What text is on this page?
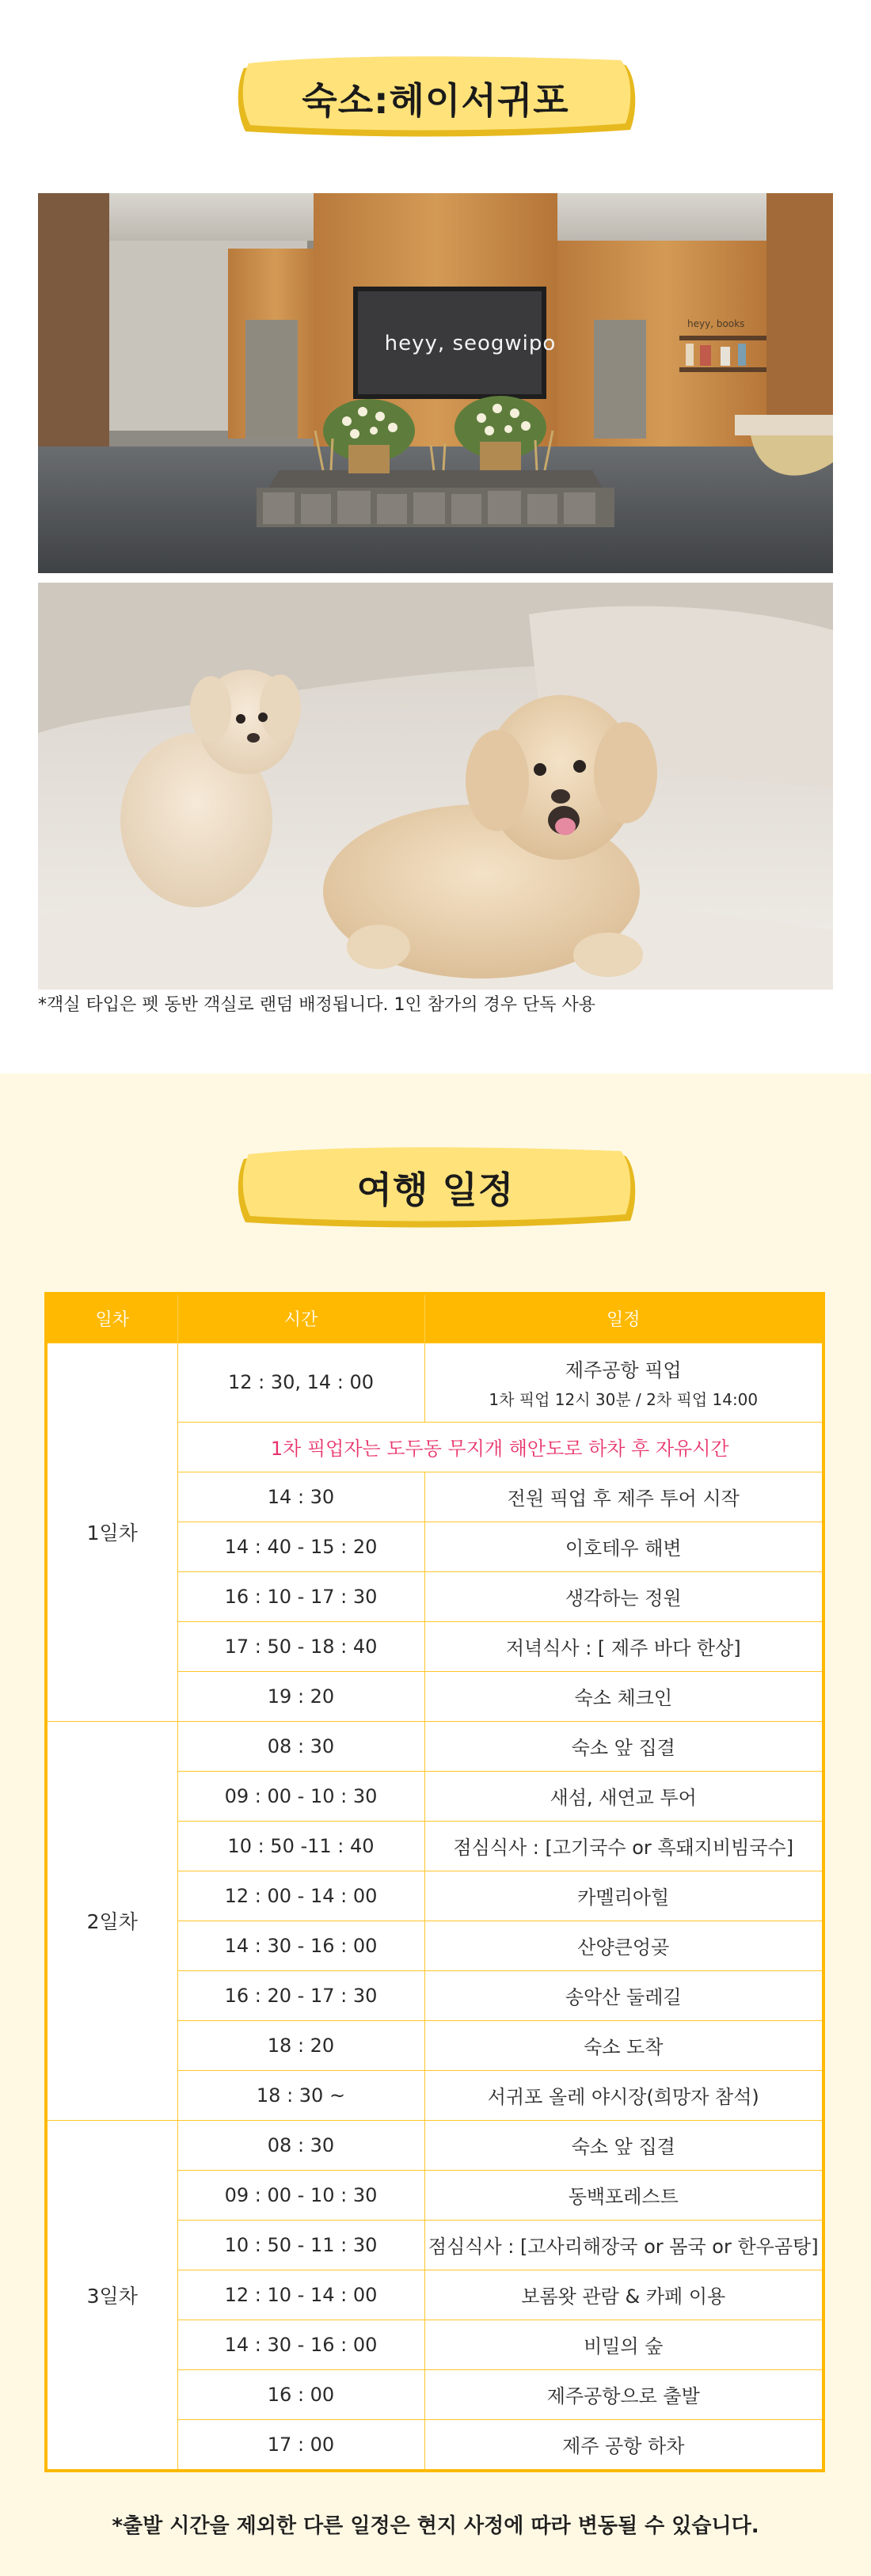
숙소:헤이서귀포
heyy, seogwipo
heyy, books
*객실 타입은 펫 동반 객실로 랜덤 배정됩니다. 1인 참가의 경우 단독 사용
여행 일정
일차	시간	일정
1일차	12 : 30, 14 : 00	제주공항 픽업
1차 픽업 12시 30분 / 2차 픽업 14:00

	1차 픽업자는 도두동 무지개 해안도로 하차 후 자유시간	
	14 : 30	전원 픽업 후 제주 투어 시작
	14 : 40 - 15 : 20	이호테우 해변
	16 : 10 - 17 : 30	생각하는 정원
	17 : 50 - 18 : 40	저녁식사 : [ 제주 바다 한상]
	19 : 20	숙소 체크인
2일차	08 : 30	숙소 앞 집결
	09 : 00 - 10 : 30	새섬, 새연교 투어
	10 : 50 -11 : 40	점심식사 : [고기국수 or 흑돼지비빔국수]
	12 : 00 - 14 : 00	카멜리아힐
	14 : 30 - 16 : 00	산양큰엉곶
	16 : 20 - 17 : 30	송악산 둘레길
	18 : 20	숙소 도착
	18 : 30 ~	서귀포 올레 야시장(희망자 참석)
3일차	08 : 30	숙소 앞 집결
	09 : 00 - 10 : 30	동백포레스트
	10 : 50 - 11 : 30	점심식사 : [고사리해장국 or 몸국 or 한우곰탕]
	12 : 10 - 14 : 00	보롬왓 관람 & 카페 이용
	14 : 30 - 16 : 00	비밀의 숲
	16 : 00	제주공항으로 출발
	17 : 00	제주 공항 하차
*출발 시간을 제외한 다른 일정은 현지 사정에 따라 변동될 수 있습니다.
